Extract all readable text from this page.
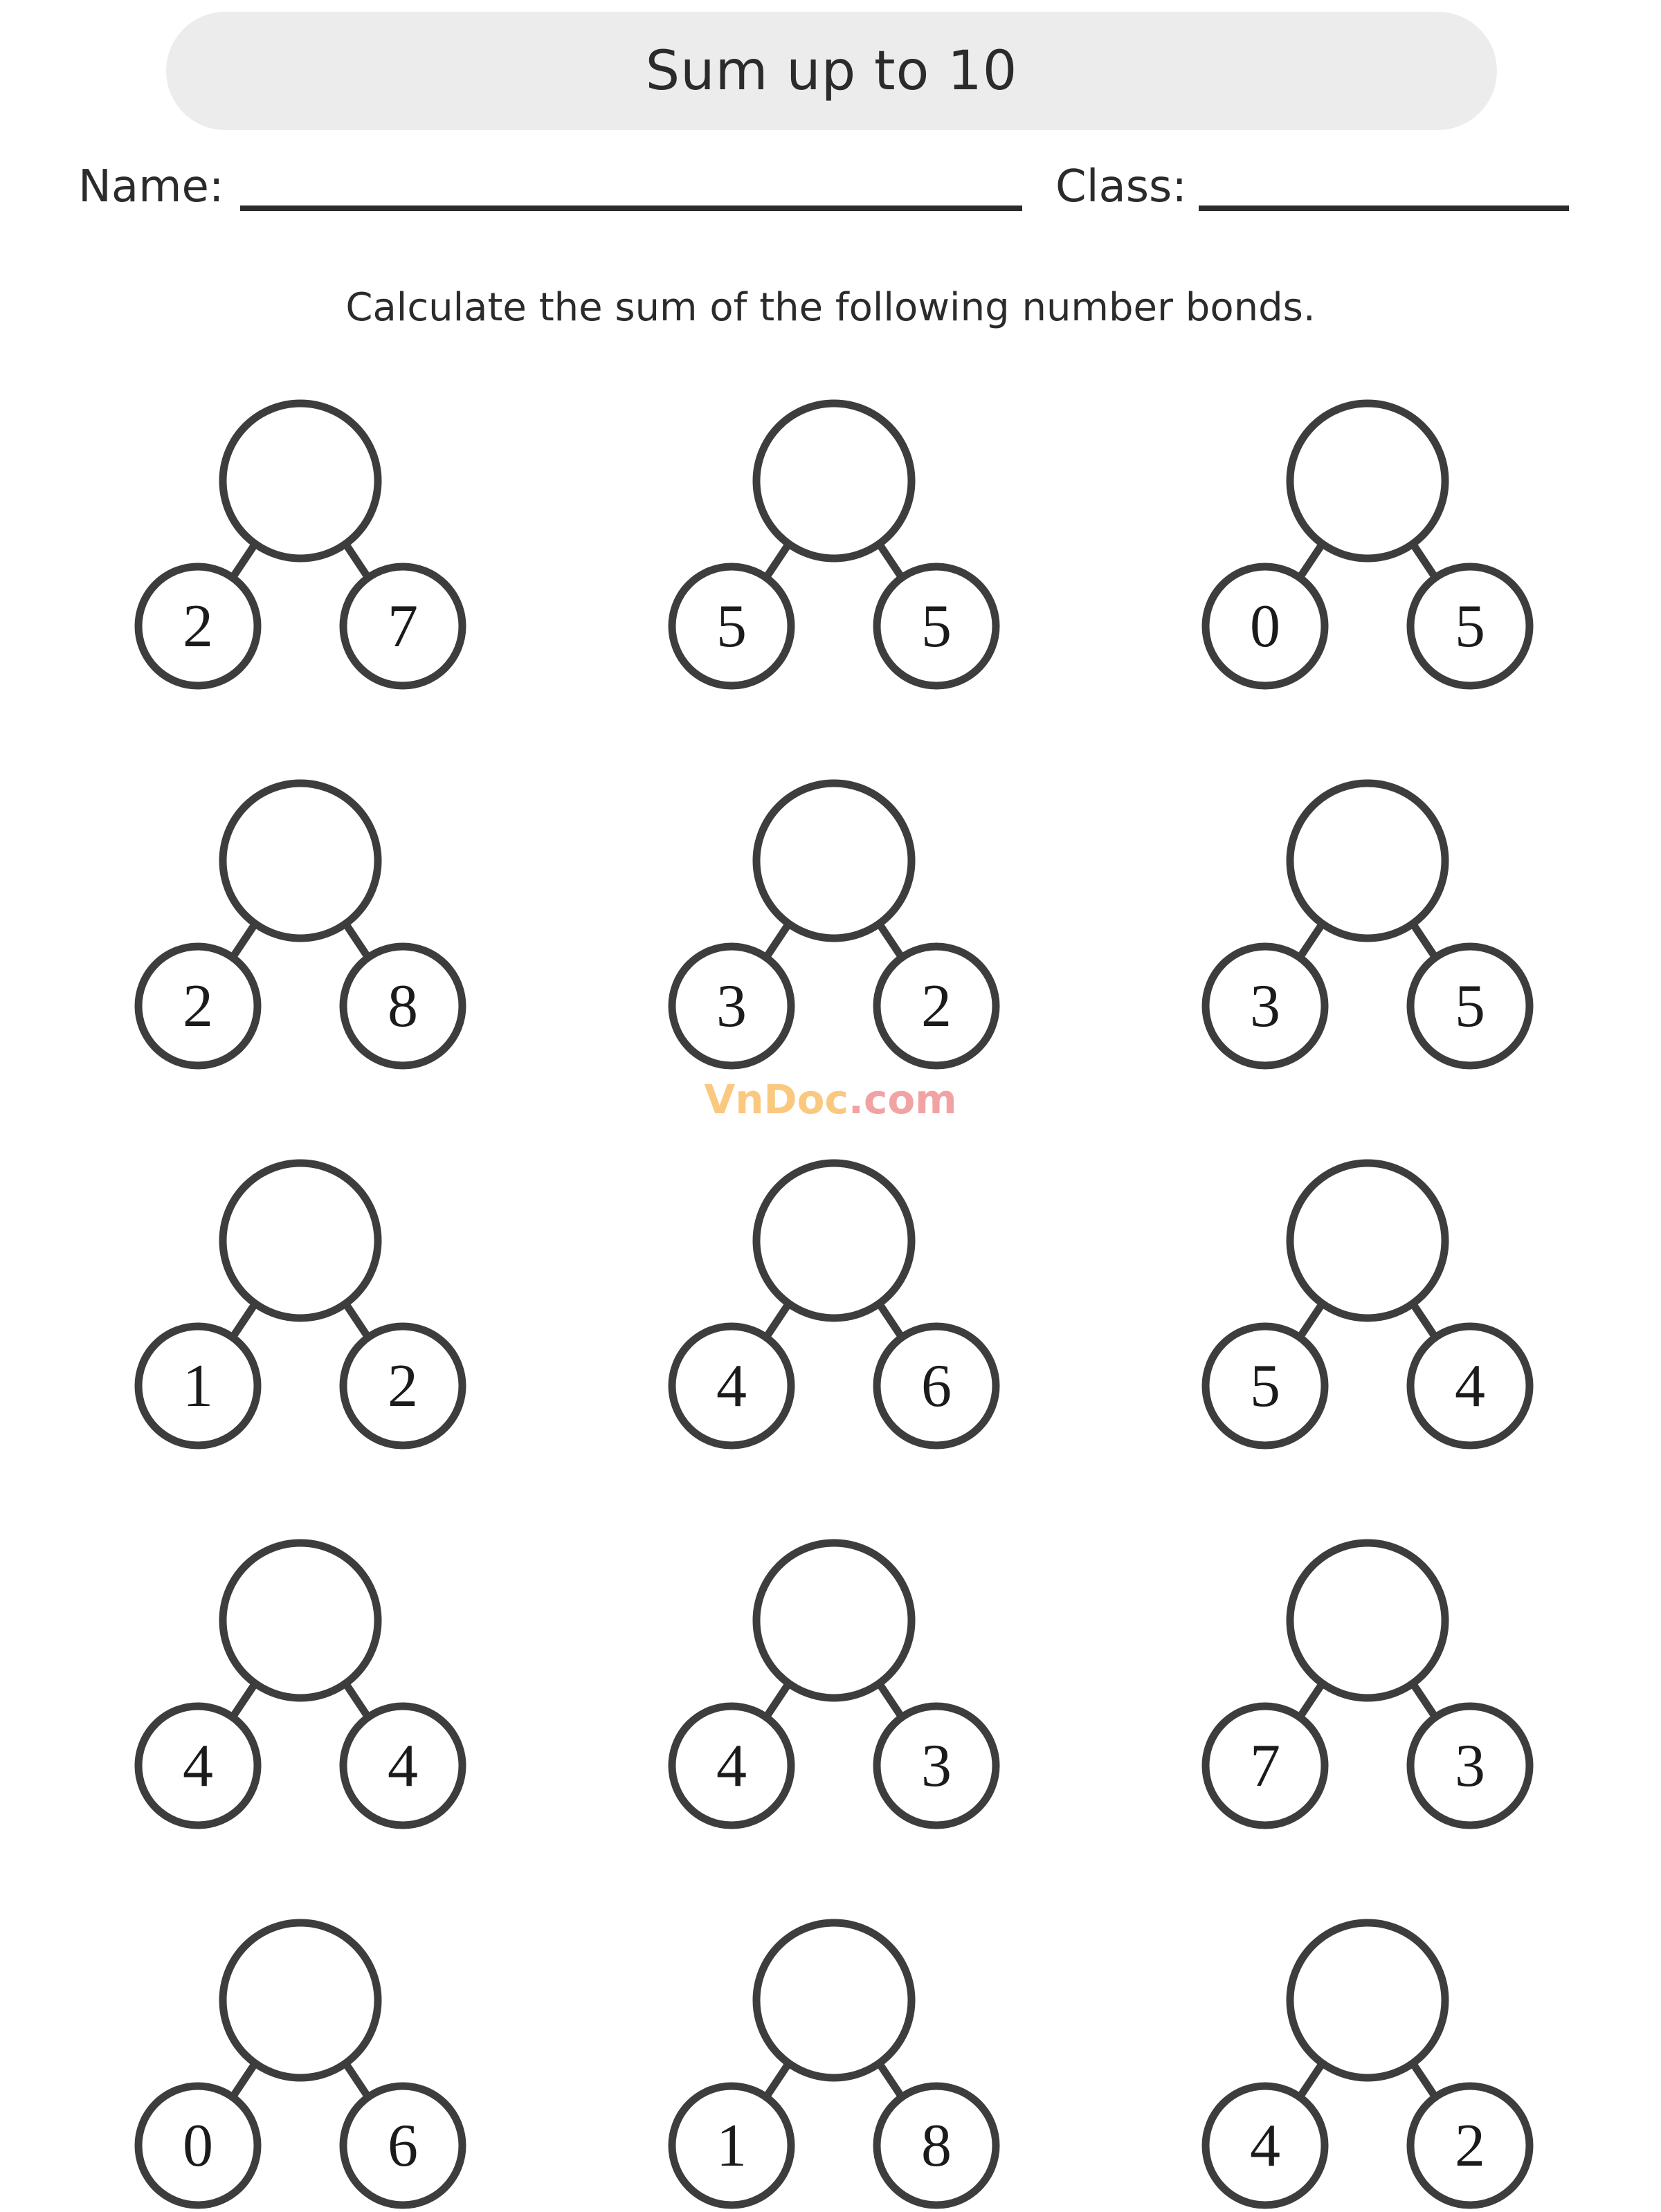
Sum up to 10
Name:	Class:
Calculate the sum of the following number bonds.
2	7	5	5	0	5
2	8	3	2	3	5
1	2	4	6	5	4
4	4	4	3	7	3
0	6	1	8	4	2
VnDoc.com
